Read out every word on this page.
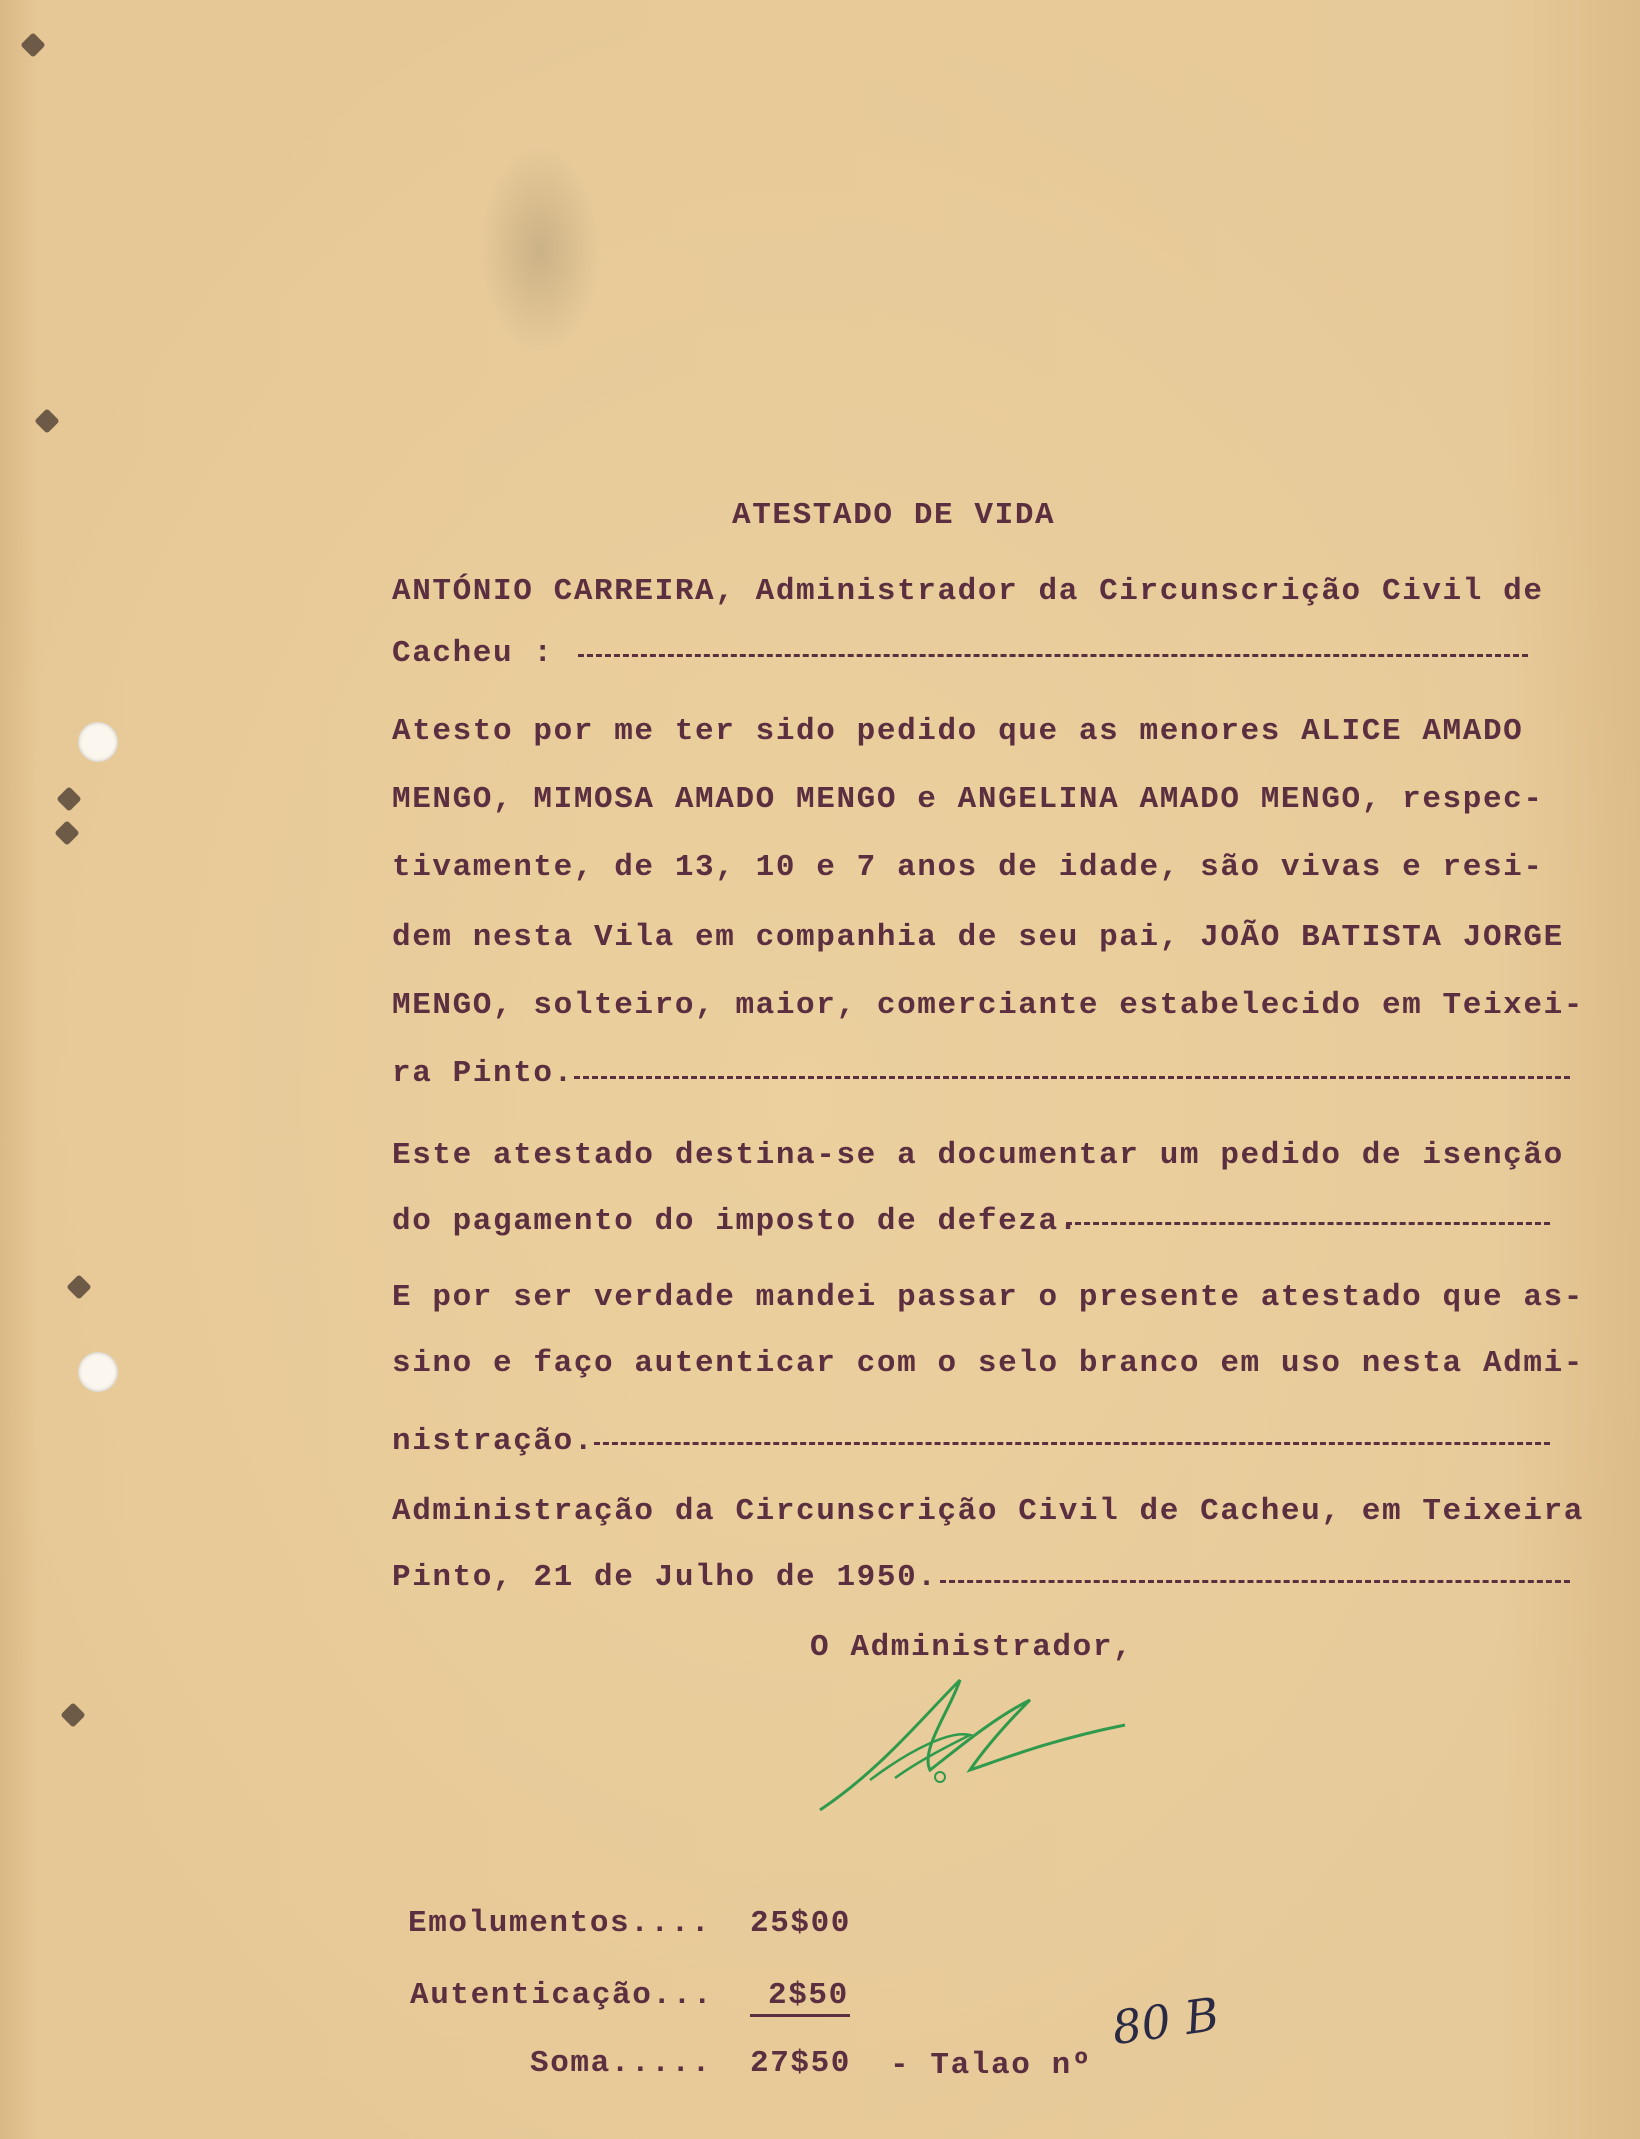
ATESTADO DE VIDA
ANTÓNIO CARREIRA, Administrador da Circunscrição Civil de
Cacheu :
Atesto por me ter sido pedido que as menores ALICE AMADO
MENGO, MIMOSA AMADO MENGO e ANGELINA AMADO MENGO, respec-
tivamente, de 13, 10 e 7 anos de idade, são vivas e resi-
dem nesta Vila em companhia de seu pai, JOÃO BATISTA JORGE
MENGO, solteiro, maior, comerciante estabelecido em Teixei-
ra Pinto.
Este atestado destina-se a documentar um pedido de isenção
do pagamento do imposto de defeza.
E por ser verdade mandei passar o presente atestado que as-
sino e faço autenticar com o selo branco em uso nesta Admi-
nistração.
Administração da Circunscrição Civil de Cacheu, em Teixeira
Pinto, 21 de Julho de 1950.
O Administrador,
Emolumentos.... 25$00
Autenticação... 2$50
Soma..... 27$50 - Talao nº
80 B
